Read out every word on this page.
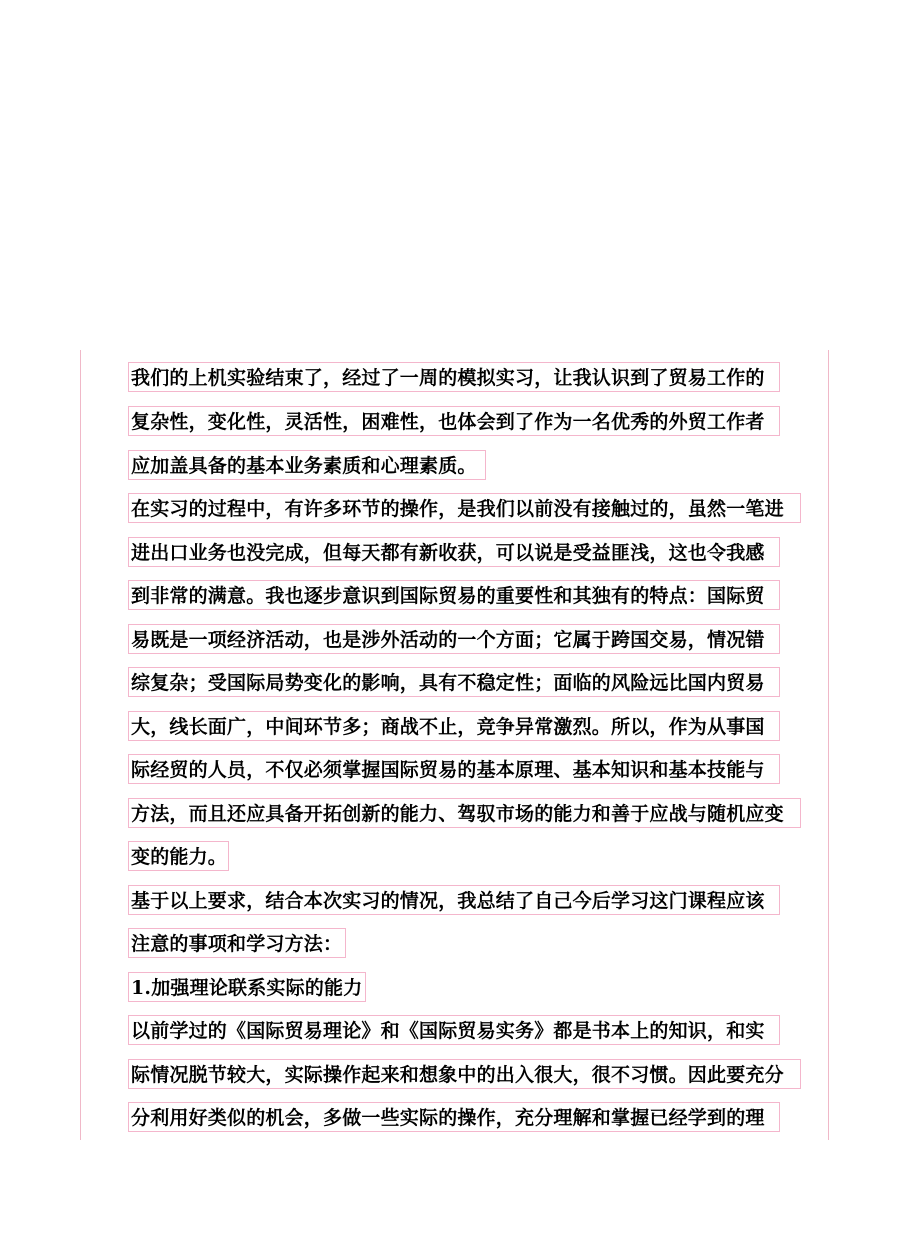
我们的上机实验结束了，经过了一周的模拟实习，让我认识到了贸易工作的
复杂性，变化性，灵活性，困难性，也体会到了作为一名优秀的外贸工作者
应加盖具备的基本业务素质和心理素质。
在实习的过程中，有许多环节的操作，是我们以前没有接触过的，虽然一笔进
进出口业务也没完成，但每天都有新收获，可以说是受益匪浅，这也令我感
到非常的满意。我也逐步意识到国际贸易的重要性和其独有的特点：国际贸
易既是一项经济活动，也是涉外活动的一个方面；它属于跨国交易，情况错
综复杂；受国际局势变化的影响，具有不稳定性；面临的风险远比国内贸易
大，线长面广，中间环节多；商战不止，竞争异常激烈。所以，作为从事国
际经贸的人员，不仅必须掌握国际贸易的基本原理、基本知识和基本技能与
方法，而且还应具备开拓创新的能力、驾驭市场的能力和善于应战与随机应变
变的能力。
基于以上要求，结合本次实习的情况，我总结了自己今后学习这门课程应该
注意的事项和学习方法：
1.加强理论联系实际的能力
以前学过的《国际贸易理论》和《国际贸易实务》都是书本上的知识，和实
际情况脱节较大，实际操作起来和想象中的出入很大，很不习惯。因此要充分
分利用好类似的机会，多做一些实际的操作，充分理解和掌握已经学到的理
